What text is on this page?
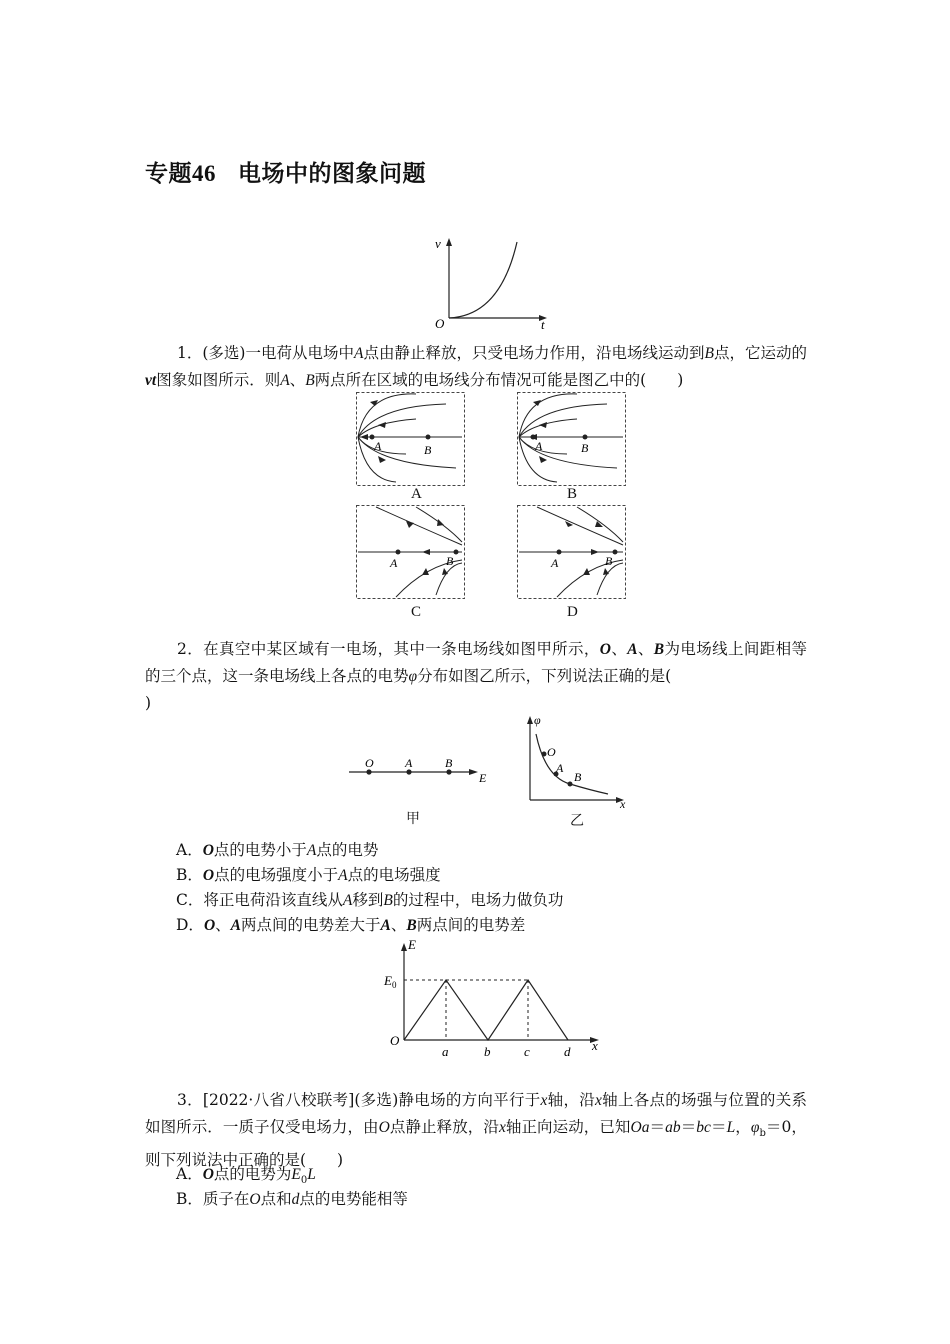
专题46 电场中的图象问题
v
t
O
1．(多选)一电荷从电场中A点由静止释放，只受电场力作用，沿电场线运动到B点，它运动的vt图象如图所示．则A、B两点所在区域的电场线分布情况可能是图乙中的(　　)
A	B
A
A	B
B
A	B
C
A	B
D
2．在真空中某区域有一电场，其中一条电场线如图甲所示，O、A、B为电场线上间距相等的三个点，这一条电场线上各点的电势φ分布如图乙所示，下列说法正确的是(
)
O	A	B
E
甲
φ
x
O
A
B
乙
A．O点的电势小于A点的电势
B．O点的电场强度小于A点的电场强度
C．将正电荷沿该直线从A移到B的过程中，电场力做负功
D．O、A两点间的电势差大于A、B两点间的电势差
E
$E_0$
O
a	b	c	d x
3．[2022·八省八校联考](多选)静电场的方向平行于x轴，沿x轴上各点的场强与位置的关系如图所示．一质子仅受电场力，由O点静止释放，沿x轴正向运动，已知Oa＝ab＝bc＝L，$\varphi_b=0$，则下列说法中正确的是(　　)
A．O点的电势为$E_0L$
B．质子在O点和d点的电势能相等
